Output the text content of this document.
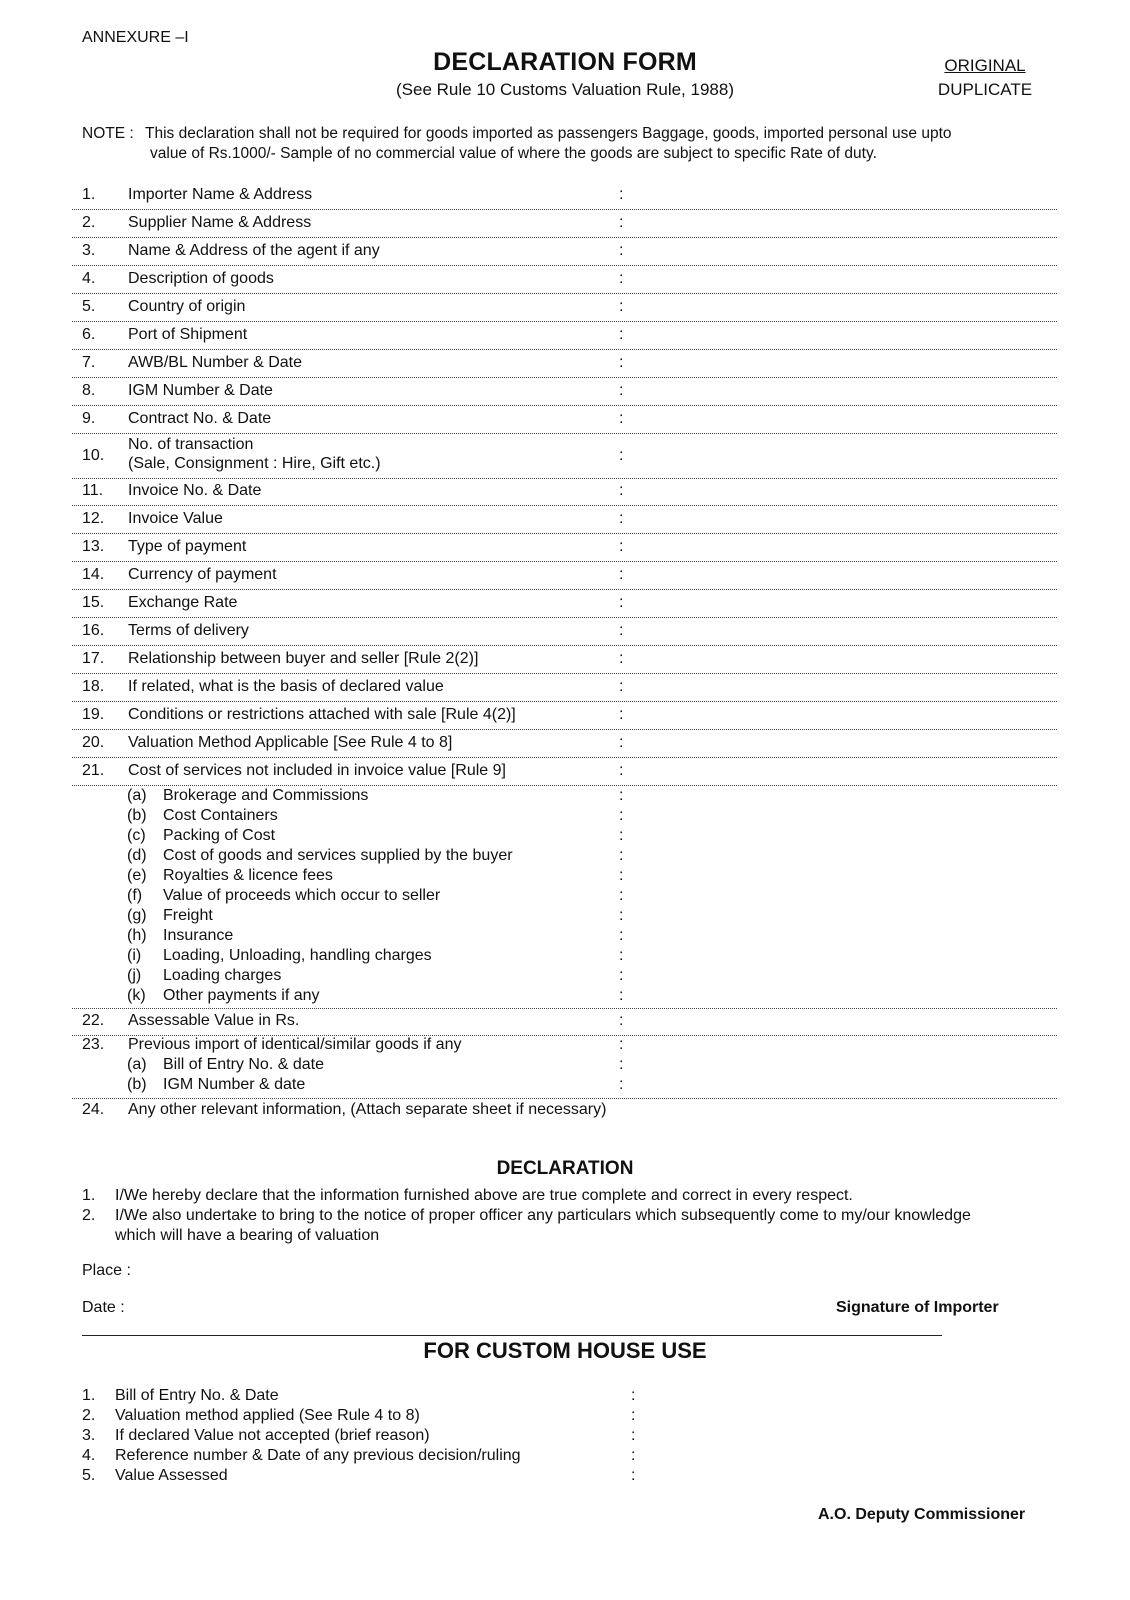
ANNEXURE –I
DECLARATION FORM
(See Rule 10 Customs Valuation Rule, 1988)
ORIGINAL
DUPLICATE
NOTE : This declaration shall not be required for goods imported as passengers Baggage, goods, imported personal use upto
value of Rs.1000/- Sample of no commercial value of where the goods are subject to specific Rate of duty.
1. Importer Name & Address	:
2. Supplier Name & Address	:
3. Name & Address of the agent if any	:
4. Description of goods	:
5. Country of origin	:
6. Port of Shipment	:
7. AWB/BL Number & Date	:
8. IGM Number & Date	:
9. Contract No. & Date	:
10.
No. of transaction
(Sale, Consignment : Hire, Gift etc.)	:
11. Invoice No. & Date	:
12. Invoice Value	:
13. Type of payment	:
14. Currency of payment	:
15. Exchange Rate	:
16. Terms of delivery	:
17. Relationship between buyer and seller [Rule 2(2)]	:
18. If related, what is the basis of declared value	:
19. Conditions or restrictions attached with sale [Rule 4(2)]	:
20. Valuation Method Applicable [See Rule 4 to 8]	:
21. Cost of services not included in invoice value [Rule 9]	:
(a) Brokerage and Commissions	:
(b) Cost Containers	:
(c) Packing of Cost	:
(d) Cost of goods and services supplied by the buyer	:
(e) Royalties & licence fees	:
(f) Value of proceeds which occur to seller	:
(g) Freight	:
(h) Insurance	:
(i) Loading, Unloading, handling charges	:
(j) Loading charges	:
(k) Other payments if any	:
22. Assessable Value in Rs.	:
23. Previous import of identical/similar goods if any	:
(a) Bill of Entry No. & date	:
(b) IGM Number & date	:
24. Any other relevant information, (Attach separate sheet if necessary)
DECLARATION
1. I/We hereby declare that the information furnished above are true complete and correct in every respect.
2. I/We also undertake to bring to the notice of proper officer any particulars which subsequently come to my/our knowledge
which will have a bearing of valuation
Place :
Date :	Signature of Importer
FOR CUSTOM HOUSE USE
1. Bill of Entry No. & Date	:
2. Valuation method applied (See Rule 4 to 8)	:
3. If declared Value not accepted (brief reason)	:
4. Reference number & Date of any previous decision/ruling	:
5. Value Assessed	:
A.O. Deputy Commissioner
